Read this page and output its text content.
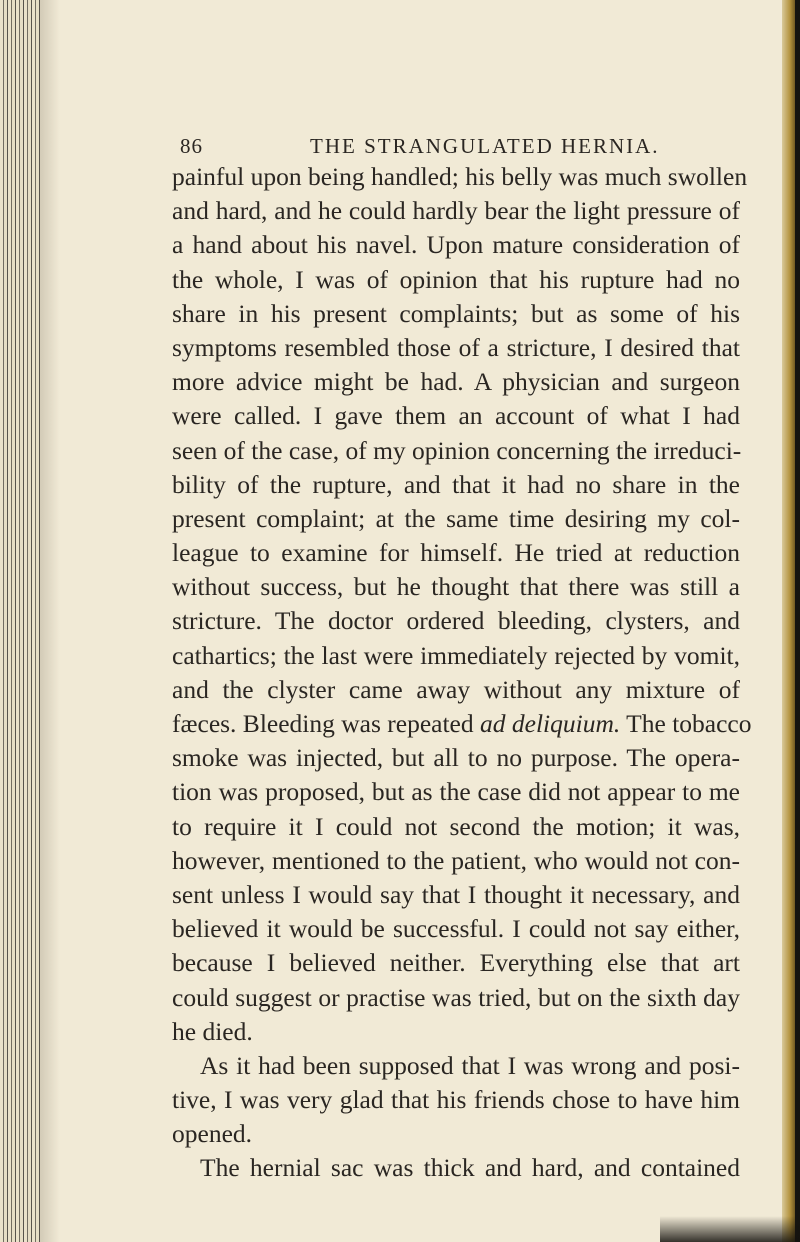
86	THE STRANGULATED HERNIA.
painful upon being handled; his belly was much swollen
and hard, and he could hardly bear the light pressure of
a hand about his navel. Upon mature consideration of
the whole, I was of opinion that his rupture had no
share in his present complaints; but as some of his
symptoms resembled those of a stricture, I desired that
more advice might be had. A physician and surgeon
were called. I gave them an account of what I had
seen of the case, of my opinion concerning the irreduci-
bility of the rupture, and that it had no share in the
present complaint; at the same time desiring my col-
league to examine for himself. He tried at reduction
without success, but he thought that there was still a
stricture. The doctor ordered bleeding, clysters, and
cathartics; the last were immediately rejected by vomit,
and the clyster came away without any mixture of
fæces. Bleeding was repeated ad deliquium. The tobacco
smoke was injected, but all to no purpose. The opera-
tion was proposed, but as the case did not appear to me
to require it I could not second the motion; it was,
however, mentioned to the patient, who would not con-
sent unless I would say that I thought it necessary, and
believed it would be successful. I could not say either,
because I believed neither. Everything else that art
could suggest or practise was tried, but on the sixth day
he died.
As it had been supposed that I was wrong and posi-
tive, I was very glad that his friends chose to have him
opened.
The hernial sac was thick and hard, and contained
